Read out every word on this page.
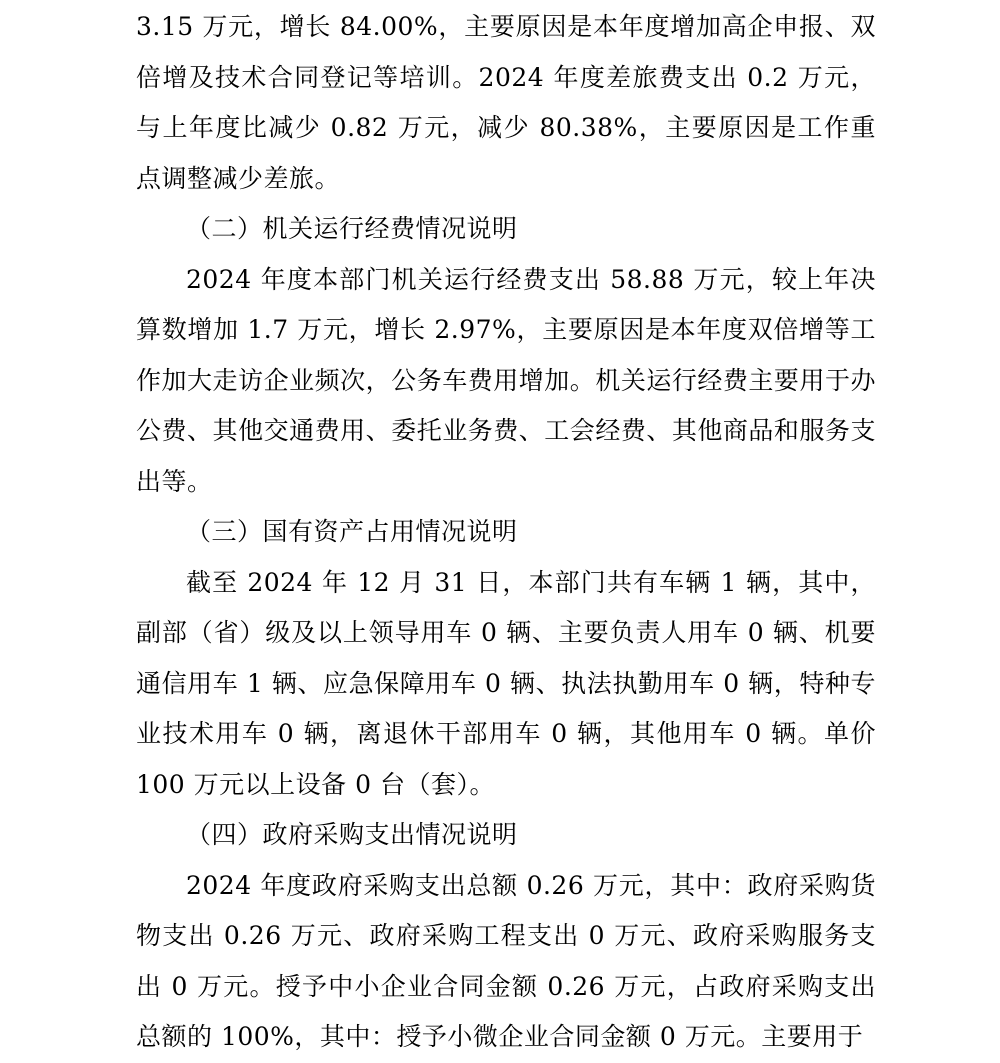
3.15 万元，增长 84.00%，主要原因是本年度增加高企申报、双倍增及技术合同登记等培训。2024 年度差旅费支出 0.2 万元，与上年度比减少 0.82 万元，减少 80.38%，主要原因是工作重点调整减少差旅。

（二）机关运行经费情况说明

2024 年度本部门机关运行经费支出 58.88 万元，较上年决算数增加 1.7 万元，增长 2.97%，主要原因是本年度双倍增等工作加大走访企业频次，公务车费用增加。机关运行经费主要用于办公费、其他交通费用、委托业务费、工会经费、其他商品和服务支出等。

（三）国有资产占用情况说明

截至 2024 年 12 月 31 日，本部门共有车辆 1 辆，其中，副部（省）级及以上领导用车 0 辆、主要负责人用车 0 辆、机要通信用车 1 辆、应急保障用车 0 辆、执法执勤用车 0 辆，特种专业技术用车 0 辆，离退休干部用车 0 辆，其他用车 0 辆。单价 100 万元以上设备 0 台（套）。

（四）政府采购支出情况说明

2024 年度政府采购支出总额 0.26 万元，其中：政府采购货物支出 0.26 万元、政府采购工程支出 0 万元、政府采购服务支出 0 万元。授予中小企业合同金额 0.26 万元，占政府采购支出总额的 100%，其中：授予小微企业合同金额 0 万元。主要用于
